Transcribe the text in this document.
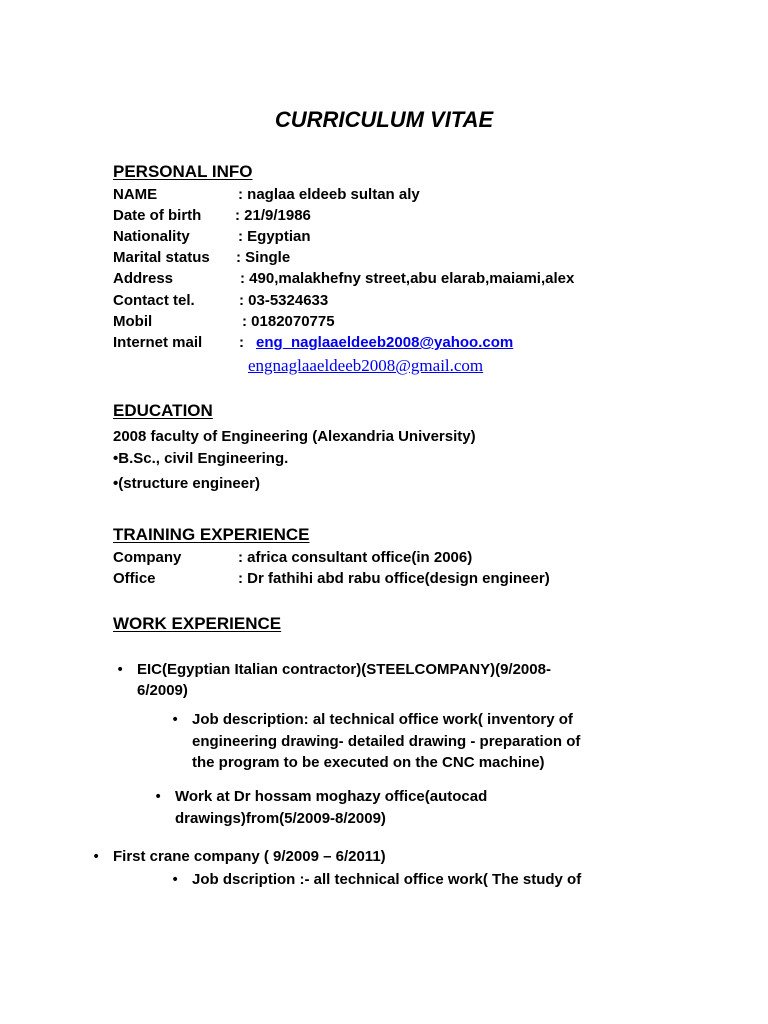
CURRICULUM VITAE
PERSONAL INFO
NAME	: naglaa eldeeb sultan aly
Date of birth : 21/9/1986
Nationality	: Egyptian
Marital status : Single
Address	: 490,malakhefny street,abu elarab,maiami,alex
Contact tel.	: 03-5324633
Mobil	: 0182070775
Internet mail : eng_naglaaeldeeb2008@yahoo.com
engnaglaaeldeeb2008@gmail.com
EDUCATION
2008 faculty of Engineering (Alexandria University)
•B.Sc., civil Engineering.
•(structure engineer)
TRAINING EXPERIENCE
Company	: africa consultant office(in 2006)
Office	: Dr fathihi abd rabu office(design engineer)
WORK EXPERIENCE
• EIC(Egyptian Italian contractor)(STEELCOMPANY)(9/2008-
6/2009)
• Job description: al technical office work( inventory of
engineering drawing- detailed drawing - preparation of
the program to be executed on the CNC machine)
• Work at Dr hossam moghazy office(autocad
drawings)from(5/2009-8/2009)
• First crane company ( 9/2009 – 6/2011)
• Job dscription :- all technical office work( The study of
